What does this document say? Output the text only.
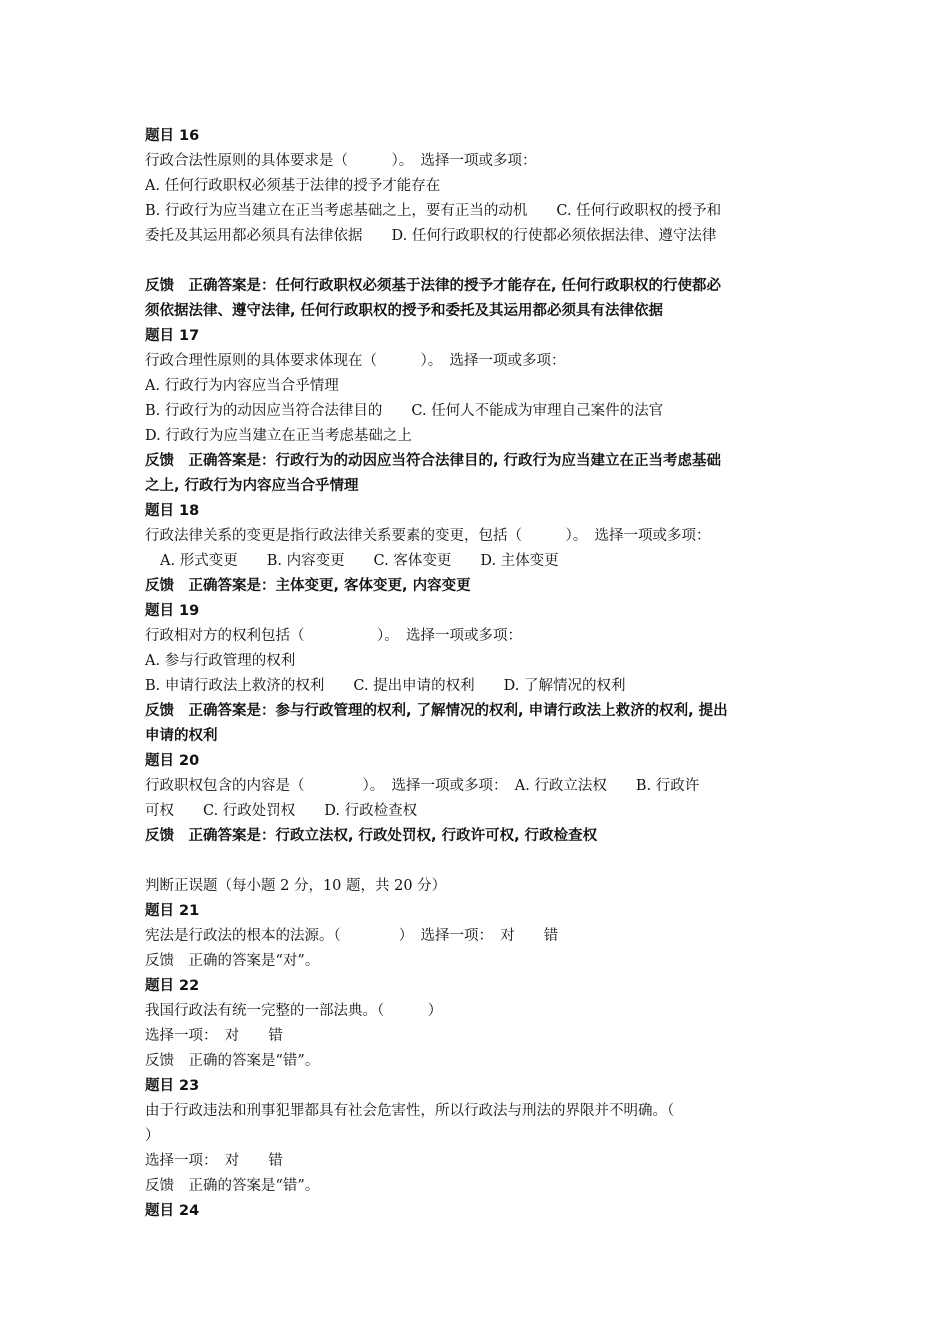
题目 16
行政合法性原则的具体要求是（　　　）。　选择一项或多项：
A. 任何行政职权必须基于法律的授予才能存在
B. 行政行为应当建立在正当考虑基础之上，要有正当的动机　　C. 任何行政职权的授予和
委托及其运用都必须具有法律依据　　D. 任何行政职权的行使都必须依据法律、遵守法律
反馈　正确答案是：任何行政职权必须基于法律的授予才能存在, 任何行政职权的行使都必
须依据法律、遵守法律, 任何行政职权的授予和委托及其运用都必须具有法律依据
题目 17
行政合理性原则的具体要求体现在（　　　）。　选择一项或多项：
A. 行政行为内容应当合乎情理
B. 行政行为的动因应当符合法律目的　　C. 任何人不能成为审理自己案件的法官
D. 行政行为应当建立在正当考虑基础之上
反馈　正确答案是：行政行为的动因应当符合法律目的, 行政行为应当建立在正当考虑基础
之上, 行政行为内容应当合乎情理
题目 18
行政法律关系的变更是指行政法律关系要素的变更，包括（　　　）。　选择一项或多项：
A. 形式变更　　B. 内容变更　　C. 客体变更　　D. 主体变更
反馈　正确答案是：主体变更, 客体变更, 内容变更
题目 19
行政相对方的权利包括（　　　　　）。　选择一项或多项：
A. 参与行政管理的权利
B. 申请行政法上救济的权利　　C. 提出申请的权利　　D. 了解情况的权利
反馈　正确答案是：参与行政管理的权利, 了解情况的权利, 申请行政法上救济的权利, 提出
申请的权利
题目 20
行政职权包含的内容是（　　　　）。　选择一项或多项：　A. 行政立法权　　B. 行政许
可权　　C. 行政处罚权　　D. 行政检查权
反馈　正确答案是：行政立法权, 行政处罚权, 行政许可权, 行政检查权
判断正误题（每小题 2 分，10 题，共 20 分）
题目 21
宪法是行政法的根本的法源。（　　　　）　选择一项：　对　　错
反馈　正确的答案是“对”。
题目 22
我国行政法有统一完整的一部法典。（　　　）
选择一项：　对　　错
反馈　正确的答案是“错”。
题目 23
由于行政违法和刑事犯罪都具有社会危害性，所以行政法与刑法的界限并不明确。（
）
选择一项：　对　　错
反馈　正确的答案是“错”。
题目 24
